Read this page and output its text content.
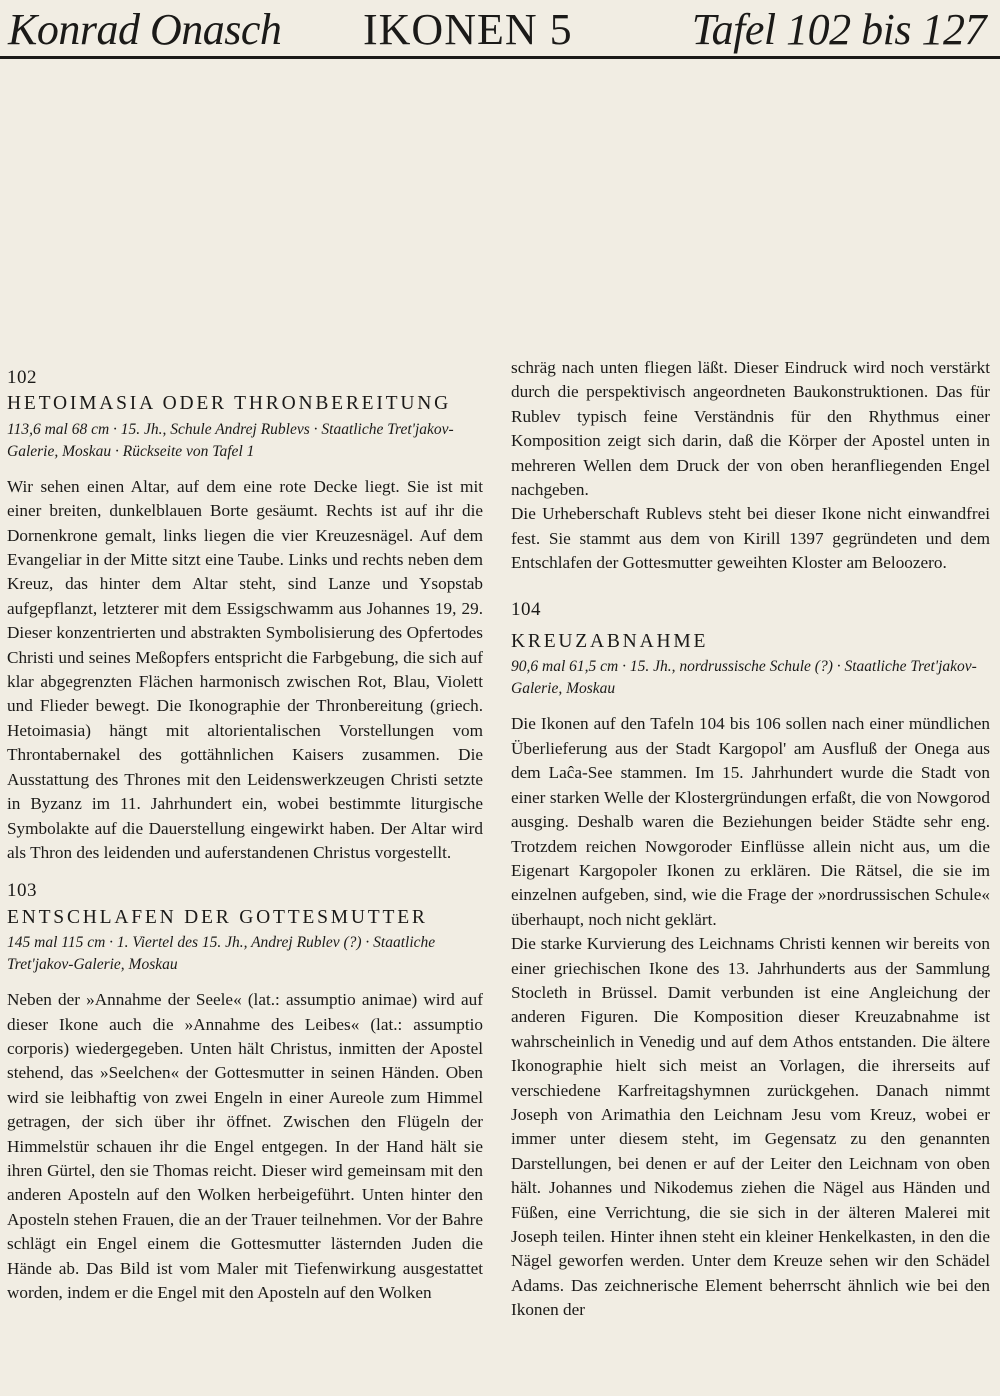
Konrad Onasch IKONEN 5	Tafel 102 bis 127
102
HETOIMASIA ODER THRONBEREITUNG
113,6 mal 68 cm · 15. Jh., Schule Andrej Rublevs · Staatliche Tret'jakov-Galerie, Moskau · Rückseite von Tafel 1

Wir sehen einen Altar, auf dem eine rote Decke liegt. Sie ist mit einer breiten, dunkelblauen Borte gesäumt. Rechts ist auf ihr die Dornenkrone gemalt, links liegen die vier Kreuzesnägel. Auf dem Evangeliar in der Mitte sitzt eine Taube. Links und rechts neben dem Kreuz, das hinter dem Altar steht, sind Lanze und Ysopstab aufgepflanzt, letzterer mit dem Essigschwamm aus Johannes 19, 29. Dieser konzentrierten und abstrakten Symbolisierung des Opfertodes Christi und seines Meßopfers entspricht die Farbgebung, die sich auf klar abgegrenzten Flächen harmonisch zwischen Rot, Blau, Violett und Flieder bewegt. Die Ikonographie der Thronbereitung (griech. Hetoimasia) hängt mit altorientalischen Vorstellungen vom Throntabernakel des gottähnlichen Kaisers zusammen. Die Ausstattung des Thrones mit den Leidenswerkzeugen Christi setzte in Byzanz im 11. Jahrhundert ein, wobei bestimmte liturgische Symbolakte auf die Dauerstellung eingewirkt haben. Der Altar wird als Thron des leidenden und auferstandenen Christus vorgestellt.

103
ENTSCHLAFEN DER GOTTESMUTTER
145 mal 115 cm · 1. Viertel des 15. Jh., Andrej Rublev (?) · Staatliche Tret'jakov-Galerie, Moskau

Neben der »Annahme der Seele« (lat.: assumptio animae) wird auf dieser Ikone auch die »Annahme des Leibes« (lat.: assumptio corporis) wiedergegeben. Unten hält Christus, inmitten der Apostel stehend, das »Seelchen« der Gottesmutter in seinen Händen. Oben wird sie leibhaftig von zwei Engeln in einer Aureole zum Himmel getragen, der sich über ihr öffnet. Zwischen den Flügeln der Himmelstür schauen ihr die Engel entgegen. In der Hand hält sie ihren Gürtel, den sie Thomas reicht. Dieser wird gemeinsam mit den anderen Aposteln auf den Wolken herbeigeführt. Unten hinter den Aposteln stehen Frauen, die an der Trauer teilnehmen. Vor der Bahre schlägt ein Engel einem die Gottesmutter lästernden Juden die Hände ab. Das Bild ist vom Maler mit Tiefenwirkung ausgestattet worden, indem er die Engel mit den Aposteln auf den Wolken

schräg nach unten fliegen läßt. Dieser Eindruck wird noch verstärkt durch die perspektivisch angeordneten Baukonstruktionen. Das für Rublev typisch feine Verständnis für den Rhythmus einer Komposition zeigt sich darin, daß die Körper der Apostel unten in mehreren Wellen dem Druck der von oben heranfliegenden Engel nachgeben.

Die Urheberschaft Rublevs steht bei dieser Ikone nicht einwandfrei fest. Sie stammt aus dem von Kirill 1397 gegründeten und dem Entschlafen der Gottesmutter geweihten Kloster am Beloozero.

104
KREUZABNAHME
90,6 mal 61,5 cm · 15. Jh., nordrussische Schule (?) · Staatliche Tret'jakov-Galerie, Moskau

Die Ikonen auf den Tafeln 104 bis 106 sollen nach einer mündlichen Überlieferung aus der Stadt Kargopol' am Ausfluß der Onega aus dem Laĉa-See stammen. Im 15. Jahrhundert wurde die Stadt von einer starken Welle der Klostergründungen erfaßt, die von Nowgorod ausging. Deshalb waren die Beziehungen beider Städte sehr eng. Trotzdem reichen Nowgoroder Einflüsse allein nicht aus, um die Eigenart Kargopoler Ikonen zu erklären. Die Rätsel, die sie im einzelnen aufgeben, sind, wie die Frage der »nordrussischen Schule« überhaupt, noch nicht geklärt.

Die starke Kurvierung des Leichnams Christi kennen wir bereits von einer griechischen Ikone des 13. Jahrhunderts aus der Sammlung Stocleth in Brüssel. Damit verbunden ist eine Angleichung der anderen Figuren. Die Komposition dieser Kreuzabnahme ist wahrscheinlich in Venedig und auf dem Athos entstanden. Die ältere Ikonographie hielt sich meist an Vorlagen, die ihrerseits auf verschiedene Karfreitagshymnen zurückgehen. Danach nimmt Joseph von Arimathia den Leichnam Jesu vom Kreuz, wobei er immer unter diesem steht, im Gegensatz zu den genannten Darstellungen, bei denen er auf der Leiter den Leichnam von oben hält. Johannes und Nikodemus ziehen die Nägel aus Händen und Füßen, eine Verrichtung, die sie sich in der älteren Malerei mit Joseph teilen. Hinter ihnen steht ein kleiner Henkelkasten, in den die Nägel geworfen werden. Unter dem Kreuze sehen wir den Schädel Adams. Das zeichnerische Element beherrscht ähnlich wie bei den Ikonen der
